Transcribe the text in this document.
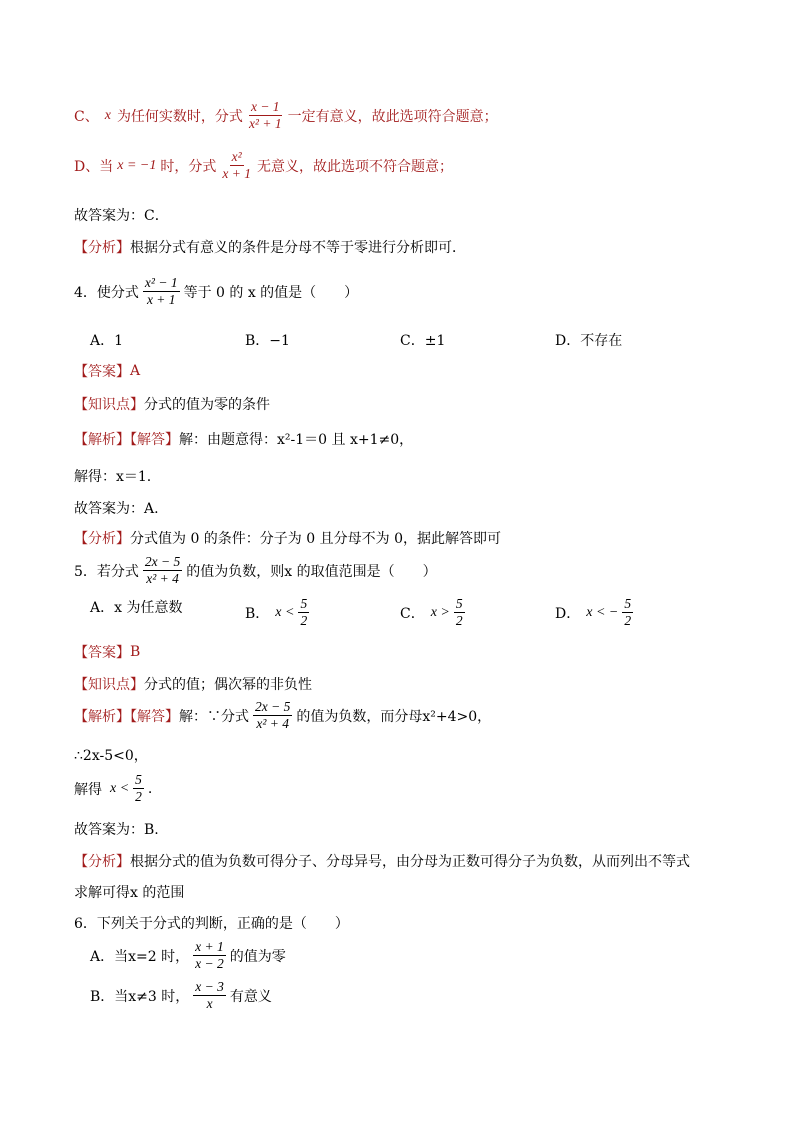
C、 x 为任何实数时，分式 $\frac{x - 1}{\text{x² + 1}}$ 一定有意义，故此选项符合题意；
D、当 x = −1 时，分式 $\frac{\text{x²}}{x + 1}$ 无意义，故此选项不符合题意；
故答案为：C．
【分析】 根据分式有意义的条件是分母不等于零进行分析即可．
4．使分式 $\frac{\text{x² − 1}}{x + 1}$ 等于 0 的 x 的值是（　　）
A．1	B．−1	C．±1	D．不存在
【答案】 A
【知识点】 分式的值为零的条件
【解析】【解答】 解：由题意得：x²-1＝0 且 x+1≠0，
解得：x＝1.
故答案为：A.
【分析】 分式值为 0 的条件：分子为 0 且分母不为 0，据此解答即可
5．若分式 $\frac{2x - 5}{\text{x² + 4}}$ 的值为负数，则x 的取值范围是（　　）
A．x 为任意数	B． $x < \frac{5}{2}$	C． $x > \frac{5}{2}$	D． x < − $\frac{5}{2}$
【答案】 B
【知识点】 分式的值；偶次幂的非负性
【解析】【解答】 解：∵分式 $\frac{2x - 5}{\text{x² + 4}}$ 的值为负数，而分母x²+4>0，
∴2x-5<0，
解得 $x < \frac{5}{2}$ .
故答案为：B.
【分析】 根据分式的值为负数可得分子、分母异号，由分母为正数可得分子为负数，从而列出不等式
求解可得x 的范围
6．下列关于分式的判断，正确的是（　　）
A．当x=2 时， $\frac{x + 1}{x - 2}$ 的值为零
B．当x≠3 时， $\frac{x - 3}{x}$ 有意义
